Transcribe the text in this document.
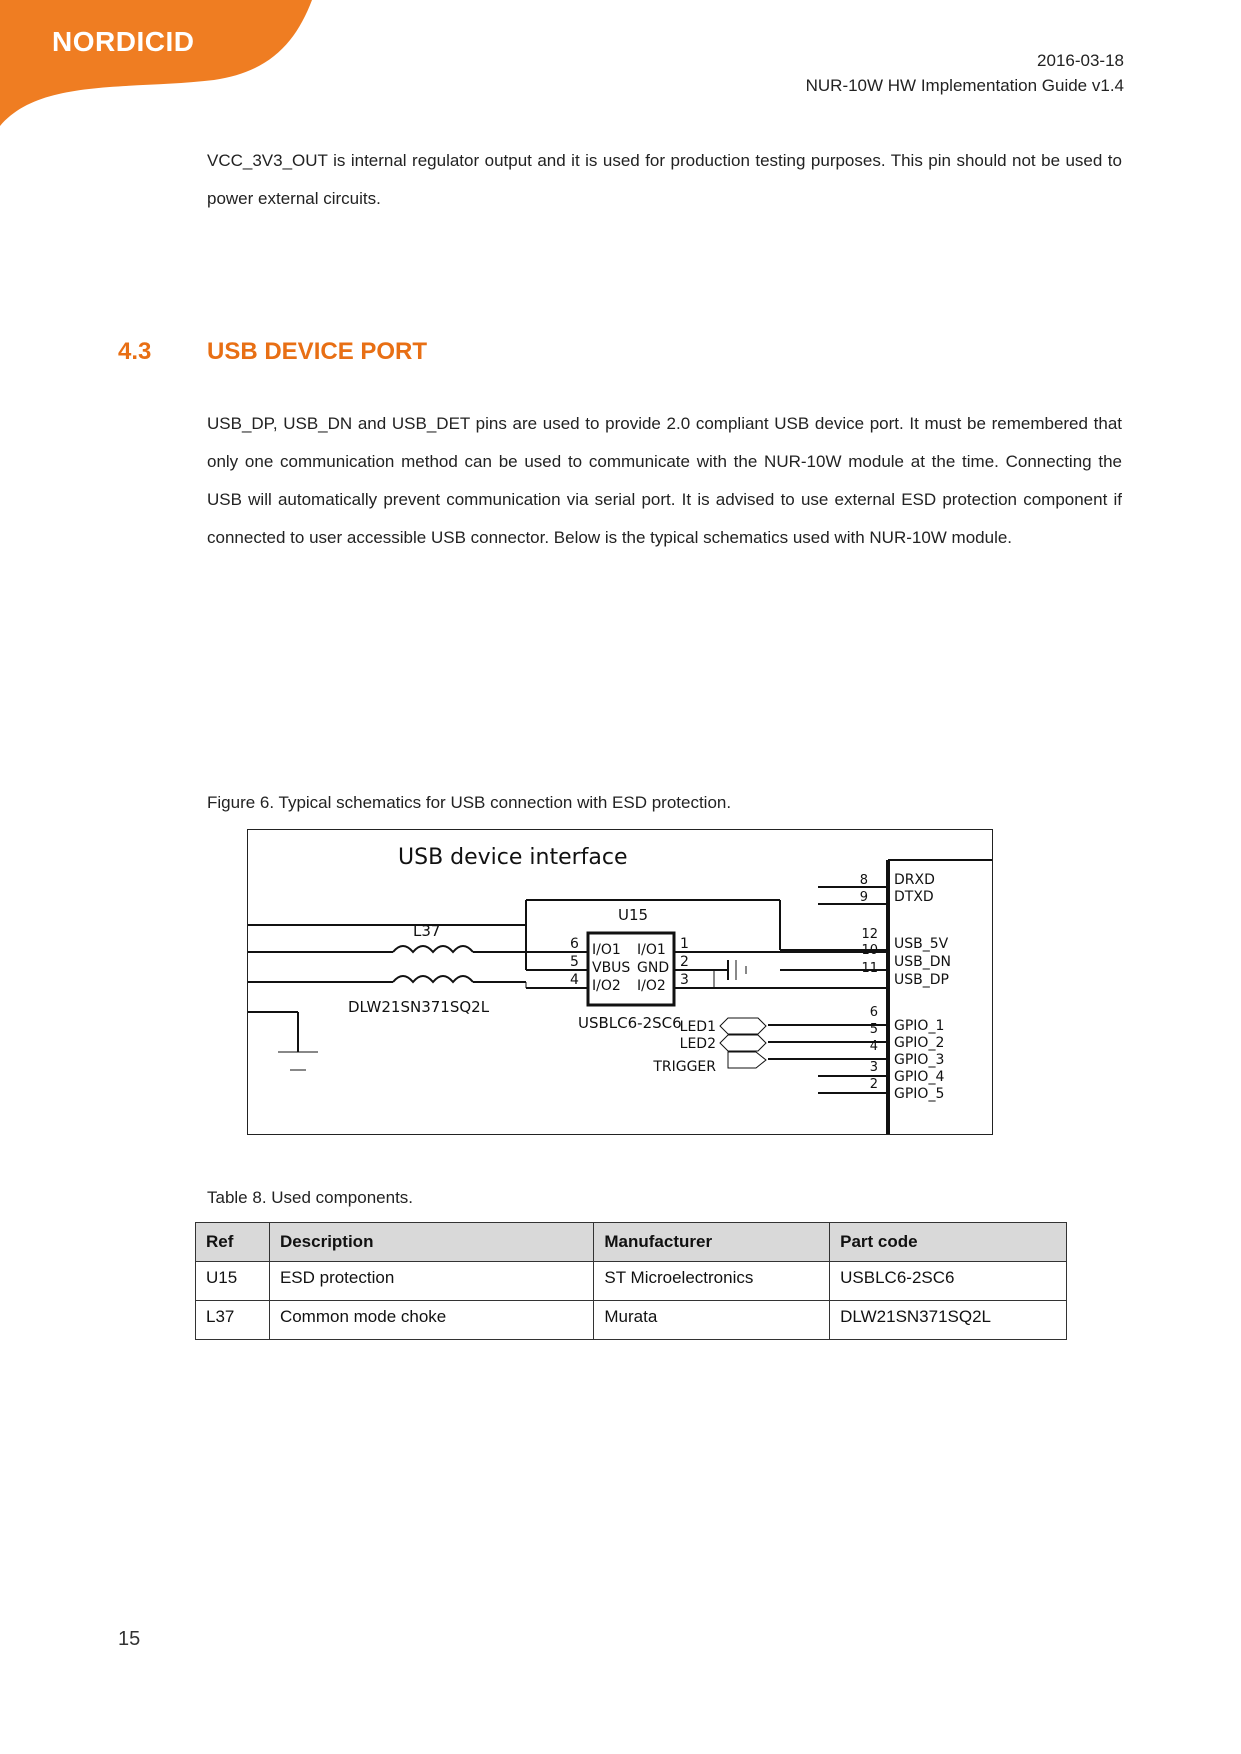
NORDICID
2016-03-18
NUR-10W HW Implementation Guide v1.4
VCC_3V3_OUT is internal regulator output and it is used for production testing purposes. This pin should not be used to power external circuits.
4.3 USB DEVICE PORT
USB_DP, USB_DN and USB_DET pins are used to provide 2.0 compliant USB device port. It must be remembered that only one communication method can be used to communicate with the NUR-10W module at the time. Connecting the USB will automatically prevent communication via serial port. It is advised to use external ESD protection component if connected to user accessible USB connector. Below is the typical schematics used with NUR-10W module.
Figure 6. Typical schematics for USB connection with ESD protection.
USB device interface
L37
DLW21SN371SQ2L
U15
USBLC6-2SC6
I/O1
VBUS
I/O2
I/O1
GND
I/O2
6
5
4
1
2
3
8 DRXD
9 DTXD
12
USB_5V
10
USB_DN
11
USB_DP
6
GPIO_1
5
GPIO_2
4
GPIO_3
3
GPIO_4
2
GPIO_5
LED1
LED2
TRIGGER
Table 8. Used components.
Ref	Description	Manufacturer	Part code
U15	ESD protection	ST Microelectronics	USBLC6-2SC6
L37	Common mode choke	Murata	DLW21SN371SQ2L
15
